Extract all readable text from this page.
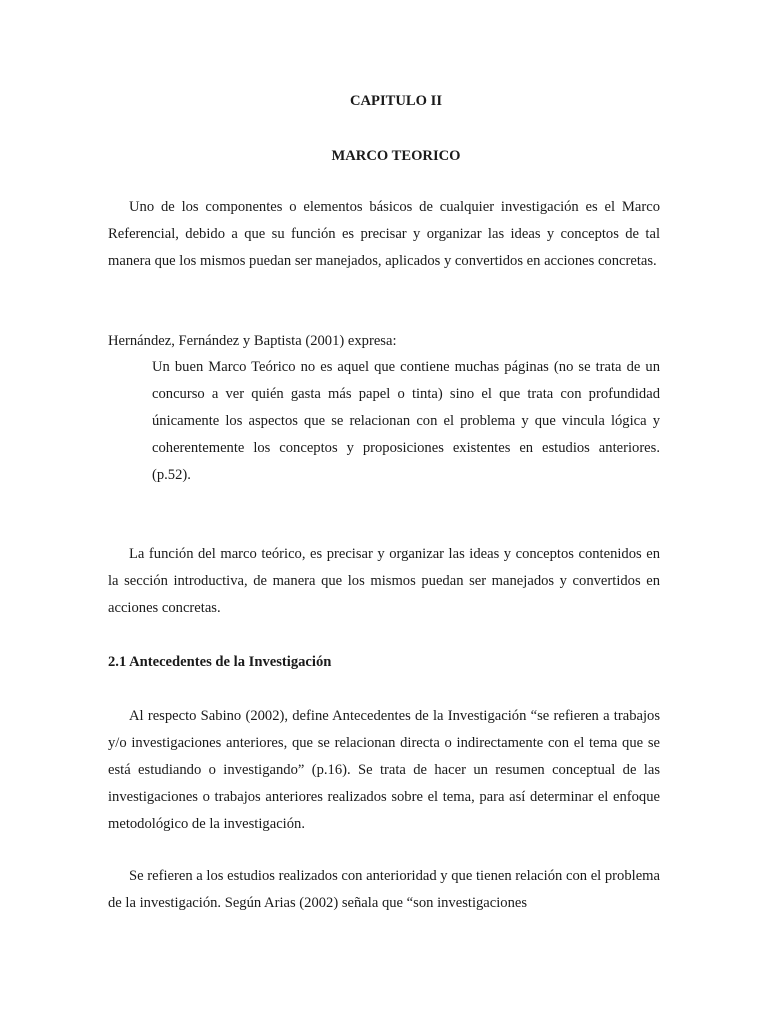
CAPITULO II
MARCO TEORICO
Uno de los componentes o elementos básicos de cualquier investigación es el Marco Referencial, debido a que su función es precisar y organizar las ideas y conceptos de tal manera que los mismos puedan ser manejados, aplicados y convertidos en acciones concretas.
Hernández, Fernández y Baptista (2001) expresa:
Un buen Marco Teórico no es aquel que contiene muchas páginas (no se trata de un concurso a ver quién gasta más papel o tinta) sino el que trata con profundidad únicamente los aspectos que se relacionan con el problema y que vincula lógica y coherentemente los conceptos y proposiciones existentes en estudios anteriores. (p.52).
La función del marco teórico, es precisar y organizar las ideas y conceptos contenidos en la sección introductiva, de manera que los mismos puedan ser manejados y convertidos en acciones concretas.
2.1 Antecedentes de la Investigación
Al respecto Sabino (2002), define Antecedentes de la Investigación “se refieren a trabajos y/o investigaciones anteriores, que se relacionan directa o indirectamente con el tema que se está estudiando o investigando” (p.16). Se trata de hacer un resumen conceptual de las investigaciones o trabajos anteriores realizados sobre el tema, para así determinar el enfoque metodológico de la investigación.
Se refieren a los estudios realizados con anterioridad y que tienen relación con el problema de la investigación. Según Arias (2002) señala que “son investigaciones
